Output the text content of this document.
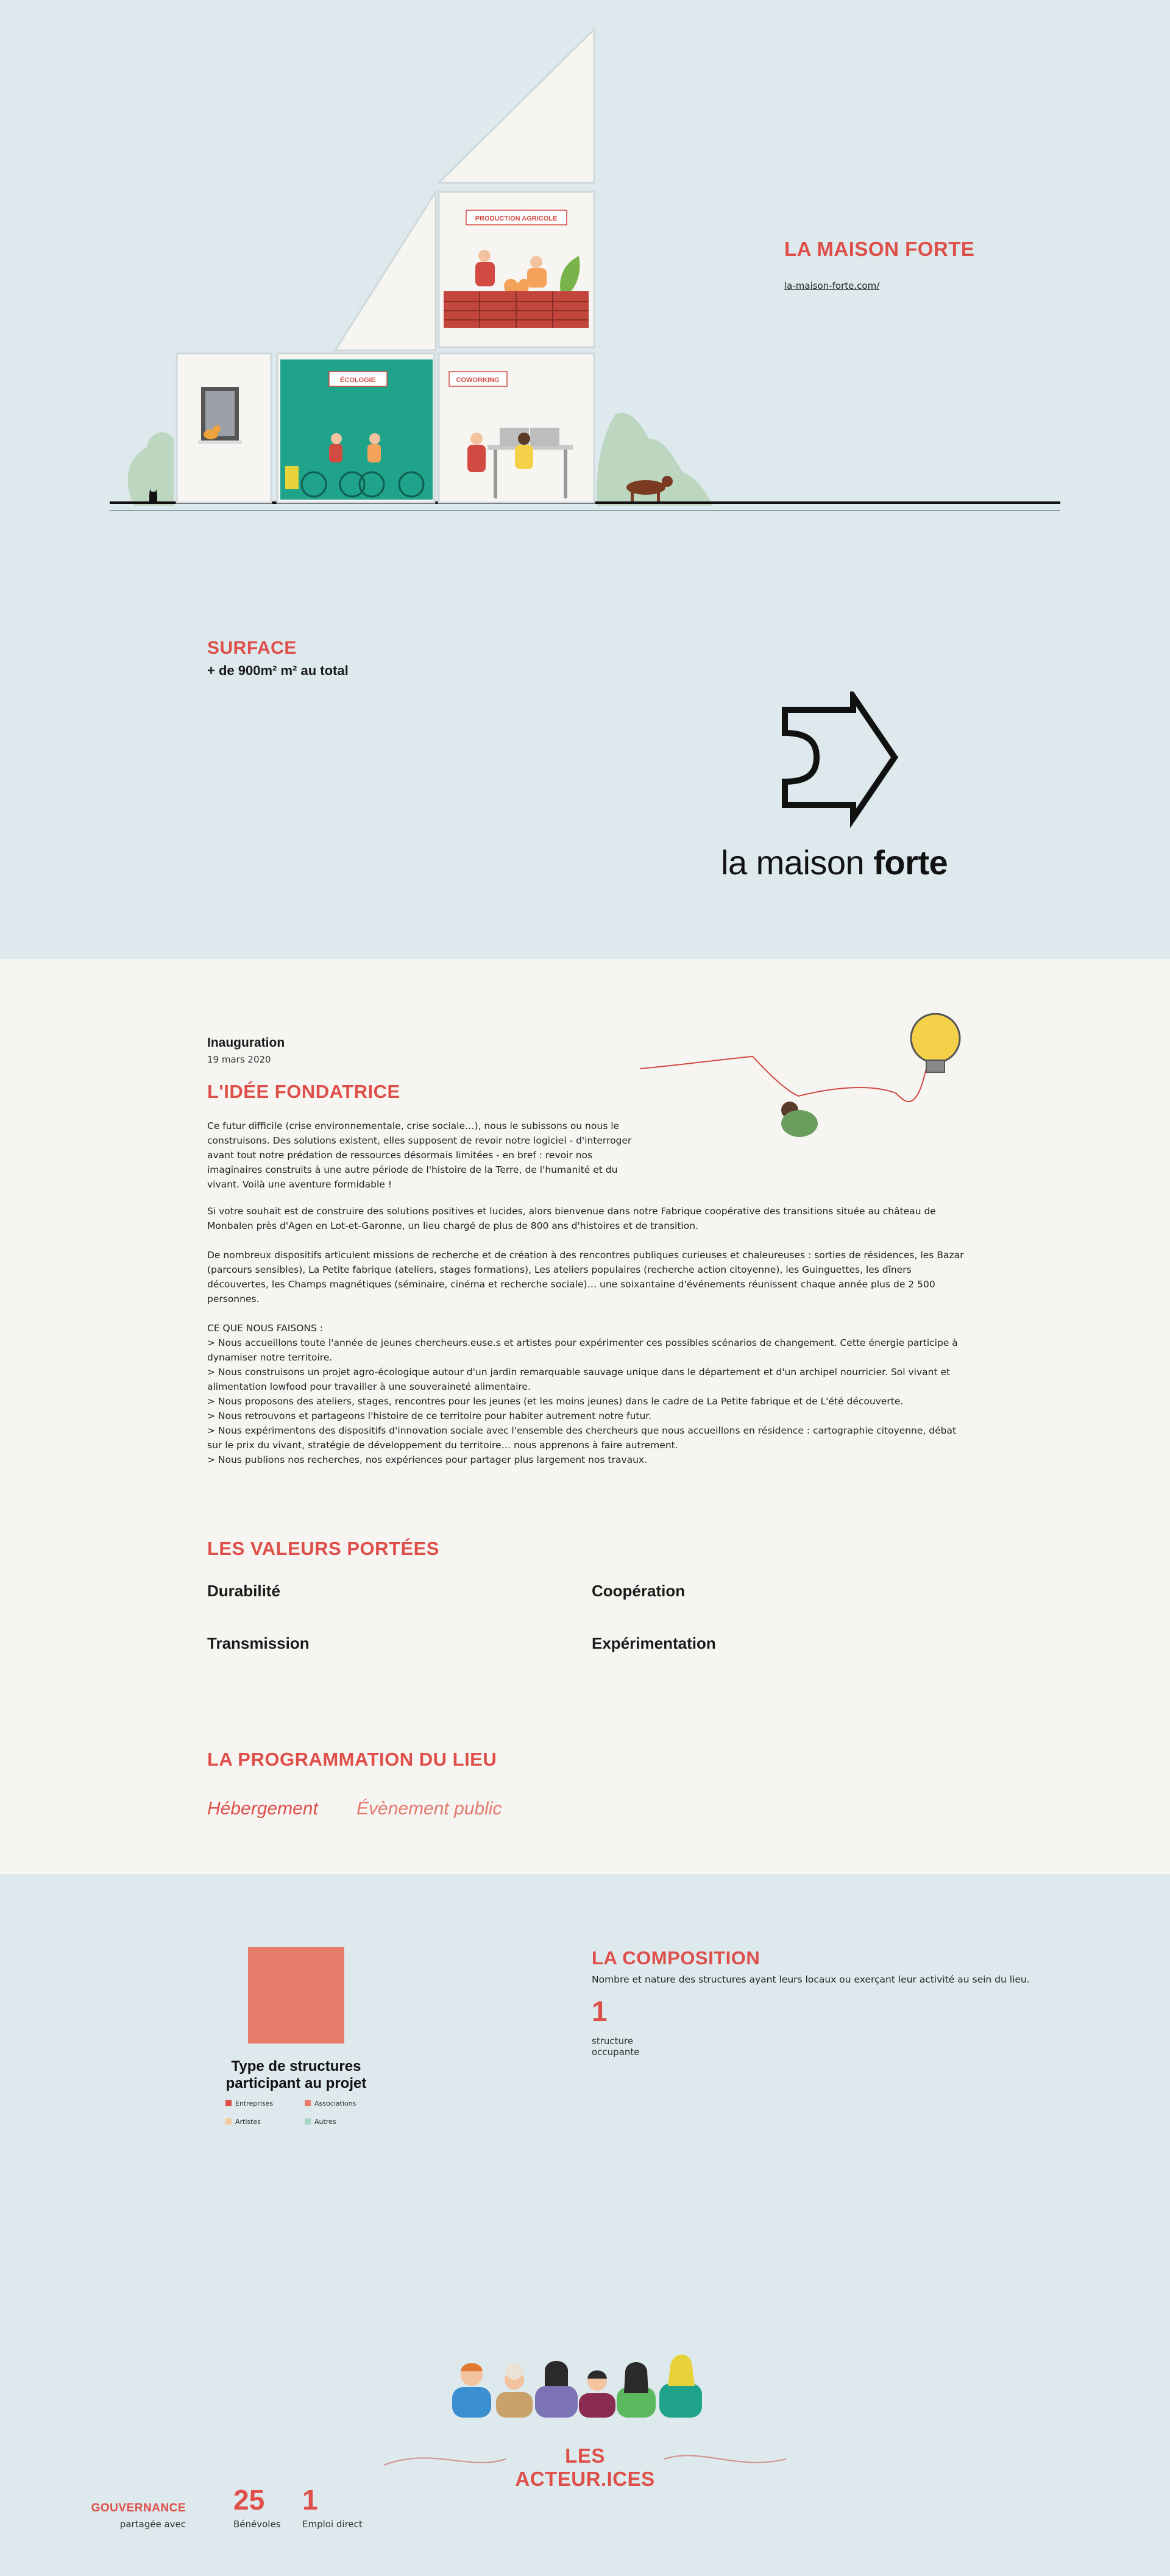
ÉCOLOGIE
PRODUCTION AGRICOLE
COWORKING
LA MAISON FORTE
la-maison-forte.com/
SURFACE
+ de 900m² m² au total
la maison forte
Inauguration
19 mars 2020
L'IDÉE FONDATRICE

Ce futur difficile (crise environnementale, crise sociale…), nous le subissons ou nous le construisons. Des solutions existent, elles supposent de revoir notre logiciel - d'interroger avant tout notre prédation de ressources désormais limitées - en bref : revoir nos imaginaires construits à une autre période de l'histoire de la Terre, de l'humanité et du vivant. Voilà une aventure formidable !

Si votre souhait est de construire des solutions positives et lucides, alors bienvenue dans notre Fabrique coopérative des transitions située au château de Monbalen près d'Agen en Lot-et-Garonne, un lieu chargé de plus de 800 ans d'histoires et de transition.

De nombreux dispositifs articulent missions de recherche et de création à des rencontres publiques curieuses et chaleureuses : sorties de résidences, les Bazar (parcours sensibles), La Petite fabrique (ateliers, stages formations), Les ateliers populaires (recherche action citoyenne), les Guinguettes, les dîners découvertes, les Champs magnétiques (séminaire, cinéma et recherche sociale)… une soixantaine d'événements réunissent chaque année plus de 2 500 personnes.

CE QUE NOUS FAISONS :
> Nous accueillons toute l'année de jeunes chercheurs.euse.s et artistes pour expérimenter ces possibles scénarios de changement. Cette énergie participe à dynamiser notre territoire.
> Nous construisons un projet agro-écologique autour d'un jardin remarquable sauvage unique dans le département et d'un archipel nourricier. Sol vivant et alimentation lowfood pour travailler à une souveraineté alimentaire.
> Nous proposons des ateliers, stages, rencontres pour les jeunes (et les moins jeunes) dans le cadre de La Petite fabrique et de L'été découverte.
> Nous retrouvons et partageons l'histoire de ce territoire pour habiter autrement notre futur.
> Nous expérimentons des dispositifs d'innovation sociale avec l'ensemble des chercheurs que nous accueillons en résidence : cartographie citoyenne, débat sur le prix du vivant, stratégie de développement du territoire… nous apprenons à faire autrement.
> Nous publions nos recherches, nos expériences pour partager plus largement nos travaux.
LES VALEURS PORTÉES
Durabilité	Coopération
Transmission	Expérimentation
LA PROGRAMMATION DU LIEU
Hébergement Évènement public
Type de structures
participant au projet
Entreprises	Associations
Artistes	Autres
LA COMPOSITION
Nombre et nature des structures ayant leurs locaux ou exerçant leur activité au sein du lieu.
1
structure occupante
LES ACTEUR.ICES
GOUVERNANCE
partagée avec
25
Bénévoles
1
Emploi direct
